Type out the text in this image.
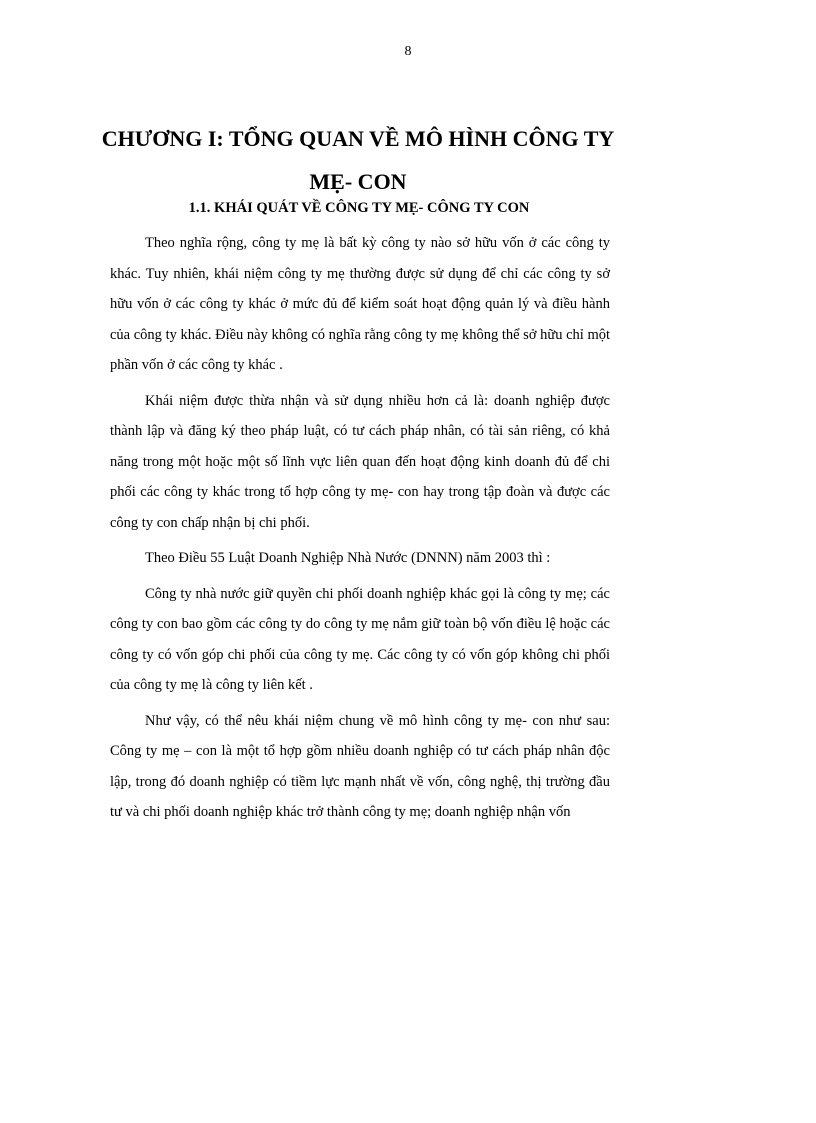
8
CHƯƠNG I: TỔNG QUAN VỀ MÔ HÌNH CÔNG TY
MẸ- CON
1.1. KHÁI QUÁT VỀ CÔNG TY MẸ- CÔNG TY CON

Theo nghĩa rộng, công ty mẹ là bất kỳ công ty nào sở hữu vốn ở các công ty khác. Tuy nhiên, khái niệm công ty mẹ thường được sử dụng để chỉ các công ty sở hữu vốn ở các công ty khác ở mức đủ để kiểm soát hoạt động quản lý và điều hành của công ty khác. Điều này không có nghĩa rằng công ty mẹ không thể sở hữu chỉ một phần vốn ở các công ty khác .

Khái niệm được thừa nhận và sử dụng nhiều hơn cả là: doanh nghiệp được thành lập và đăng ký theo pháp luật, có tư cách pháp nhân, có tài sản riêng, có khả năng trong một hoặc một số lĩnh vực liên quan đến hoạt động kinh doanh đủ để chi phối các công ty khác trong tổ hợp công ty mẹ- con hay trong tập đoàn và được các công ty con chấp nhận bị chi phối.

Theo Điều 55 Luật Doanh Nghiệp Nhà Nước (DNNN) năm 2003 thì :

Công ty nhà nước giữ quyền chi phối doanh nghiệp khác gọi là công ty mẹ; các công ty con bao gồm các công ty do công ty mẹ nắm giữ toàn bộ vốn điều lệ hoặc các công ty có vốn góp chi phối của công ty mẹ. Các công ty có vốn góp không chi phối của công ty mẹ là công ty liên kết .

Như vậy, có thể nêu khái niệm chung về mô hình công ty mẹ- con như sau: Công ty mẹ – con là một tổ hợp gồm nhiều doanh nghiệp có tư cách pháp nhân độc lập, trong đó doanh nghiệp có tiềm lực mạnh nhất về vốn, công nghệ, thị trường đầu tư và chi phối doanh nghiệp khác trở thành công ty mẹ; doanh nghiệp nhận vốn
